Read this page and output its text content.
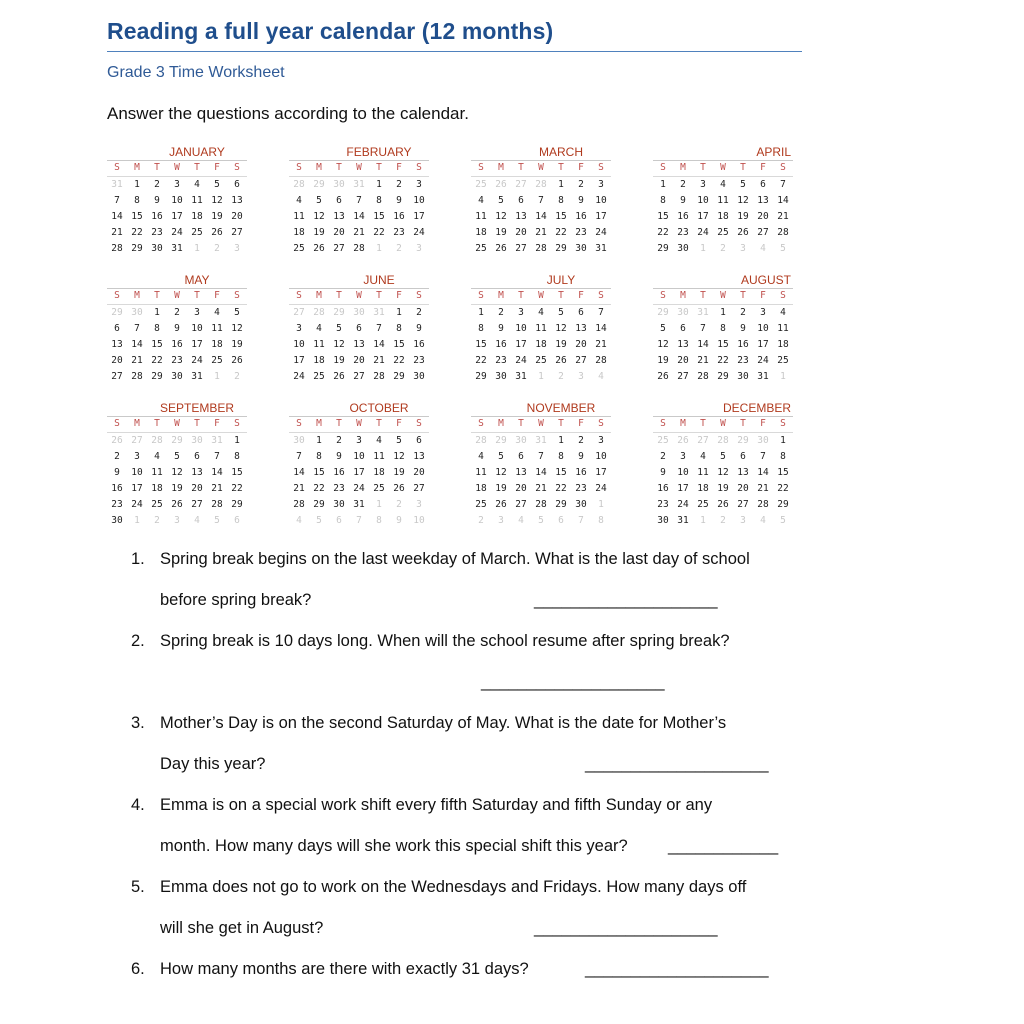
Reading a full year calendar (12 months)
Grade 3 Time Worksheet
Answer the questions according to the calendar.
JANUARY
S	M	T	W	T	F	S
31	1	2	3	4	5	6
7	8	9	10 11 12 13
14 15 16 17 18 19 20
21 22 23 24 25 26 27
28 29 30 31	1	2	3
FEBRUARY
S	M	T	W	T	F	S
28 29 30 31	1	2	3
4	5	6	7	8	9	10
11 12 13 14 15 16 17
18 19 20 21 22 23 24
25 26 27 28	1	2	3
MARCH
S	M	T	W	T	F	S
25 26 27 28	1	2	3
4	5	6	7	8	9	10
11 12 13 14 15 16 17
18 19 20 21 22 23 24
25 26 27 28 29 30 31
APRIL
S	M	T	W	T	F	S
1	2	3	4	5	6	7
8	9	10 11 12 13 14
15 16 17 18 19 20 21
22 23 24 25 26 27 28
29 30	1	2	3	4	5
MAY
S	M	T	W	T	F	S
29 30	1	2	3	4	5
6	7	8	9	10 11 12
13 14 15 16 17 18 19
20 21 22 23 24 25 26
27 28 29 30 31	1	2
JUNE
S	M	T	W	T	F	S
27 28 29 30 31	1	2
3	4	5	6	7	8	9
10 11 12 13 14 15 16
17 18 19 20 21 22 23
24 25 26 27 28 29 30
JULY
S	M	T	W	T	F	S
1	2	3	4	5	6	7
8	9	10 11 12 13 14
15 16 17 18 19 20 21
22 23 24 25 26 27 28
29 30 31	1	2	3	4
AUGUST
S	M	T	W	T	F	S
29 30 31	1	2	3	4
5	6	7	8	9	10 11
12 13 14 15 16 17 18
19 20 21 22 23 24 25
26 27 28 29 30 31	1
SEPTEMBER
S	M	T	W	T	F	S
26 27 28 29 30 31	1
2	3	4	5	6	7	8
9	10 11 12 13 14 15
16 17 18 19 20 21 22
23 24 25 26 27 28 29
30	1	2	3	4	5	6
OCTOBER
S	M	T	W	T	F	S
30	1	2	3	4	5	6
7	8	9	10 11 12 13
14 15 16 17 18 19 20
21 22 23 24 25 26 27
28 29 30 31	1	2	3
4	5	6	7	8	9	10
NOVEMBER
S	M	T	W	T	F	S
28 29 30 31	1	2	3
4	5	6	7	8	9	10
11 12 13 14 15 16 17
18 19 20 21 22 23 24
25 26 27 28 29 30	1
2	3	4	5	6	7	8
DECEMBER
S	M	T	W	T	F	S
25 26 27 28 29 30	1
2	3	4	5	6	7	8
9	10 11 12 13 14 15
16 17 18 19 20 21 22
23 24 25 26 27 28 29
30 31	1	2	3	4	5
1. Spring break begins on the last weekday of March. What is the last day of school
before spring break?	____________________
2. Spring break is 10 days long. When will the school resume after spring break?
____________________
3. Mother’s Day is on the second Saturday of May. What is the date for Mother’s
Day this year?	____________________
4. Emma is on a special work shift every fifth Saturday and fifth Sunday or any
month. How many days will she work this special shift this year? ____________
5. Emma does not go to work on the Wednesdays and Fridays. How many days off
will she get in August?	____________________
6. How many months are there with exactly 31 days?	____________________
